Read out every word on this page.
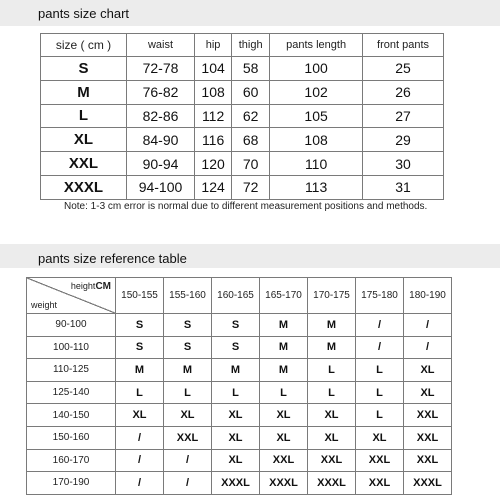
pants size chart
size ( cm )	waist	hip	thigh	pants length	front pants
S	72-78	104	58	100	25
M	76-82	108	60	102	26
L	82-86	112	62	105	27
XL	84-90	116	68	108	29
XXL	90-94	120	70	110	30
XXXL	94-100	124	72	113	31
Note: 1-3 cm error is normal due to different measurement positions and methods.
pants size reference table
heightCM
weight	150-155	155-160	160-165	165-170	170-175	175-180	180-190
90-100	S	S	S	M	M	/	/
100-110	S	S	S	M	M	/	/
110-125	M	M	M	M	L	L	XL
125-140	L	L	L	L	L	L	XL
140-150	XL	XL	XL	XL	XL	L	XXL
150-160	/	XXL	XL	XL	XL	XL	XXL
160-170	/	/	XL	XXL	XXL	XXL	XXL
170-190	/	/	XXXL	XXXL	XXXL	XXL	XXXL
